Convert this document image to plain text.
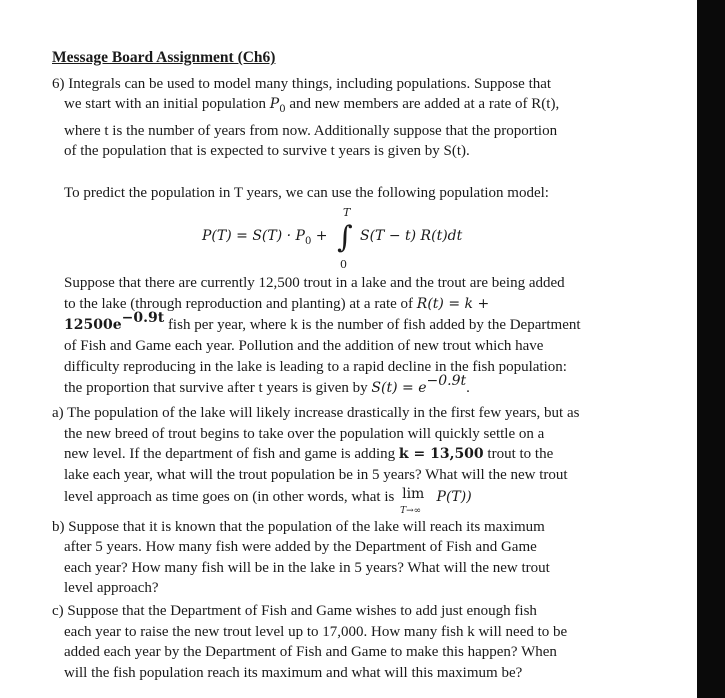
Message Board Assignment (Ch6)
6) Integrals can be used to model many things, including populations. Suppose that
we start with an initial population $P_0$ and new members are added at a rate of R(t),
where t is the number of years from now. Additionally suppose that the proportion
of the population that is expected to survive t years is given by S(t).
To predict the population in T years, we can use the following population model:
$P(T) = S(T) \cdot P_0$ +
T
∫
0
S(T − t) R(t)dt
Suppose that there are currently 12,500 trout in a lake and the trout are being added
to the lake (through reproduction and planting) at a rate of R(t) = k +
$12500e^{-0.9t}$ fish per year, where k is the number of fish added by the Department
of Fish and Game each year. Pollution and the addition of new trout which have
difficulty reproducing in the lake is leading to a rapid decline in the fish population:
the proportion that survive after t years is given by $S(t) = e^{-0.9t}$.
a) The population of the lake will likely increase drastically in the first few years, but as
the new breed of trout begins to take over the population will quickly settle on a
new level. If the department of fish and game is adding k = 13,500 trout to the
lake each year, what will the trout population be in 5 years? What will the new trout
level approach as time goes on (in other words, what is lim
T→∞
P(T))
b) Suppose that it is known that the population of the lake will reach its maximum
after 5 years. How many fish were added by the Department of Fish and Game
each year? How many fish will be in the lake in 5 years? What will the new trout
level approach?
c) Suppose that the Department of Fish and Game wishes to add just enough fish
each year to raise the new trout level up to 17,000. How many fish k will need to be
added each year by the Department of Fish and Game to make this happen? When
will the fish population reach its maximum and what will this maximum be?
